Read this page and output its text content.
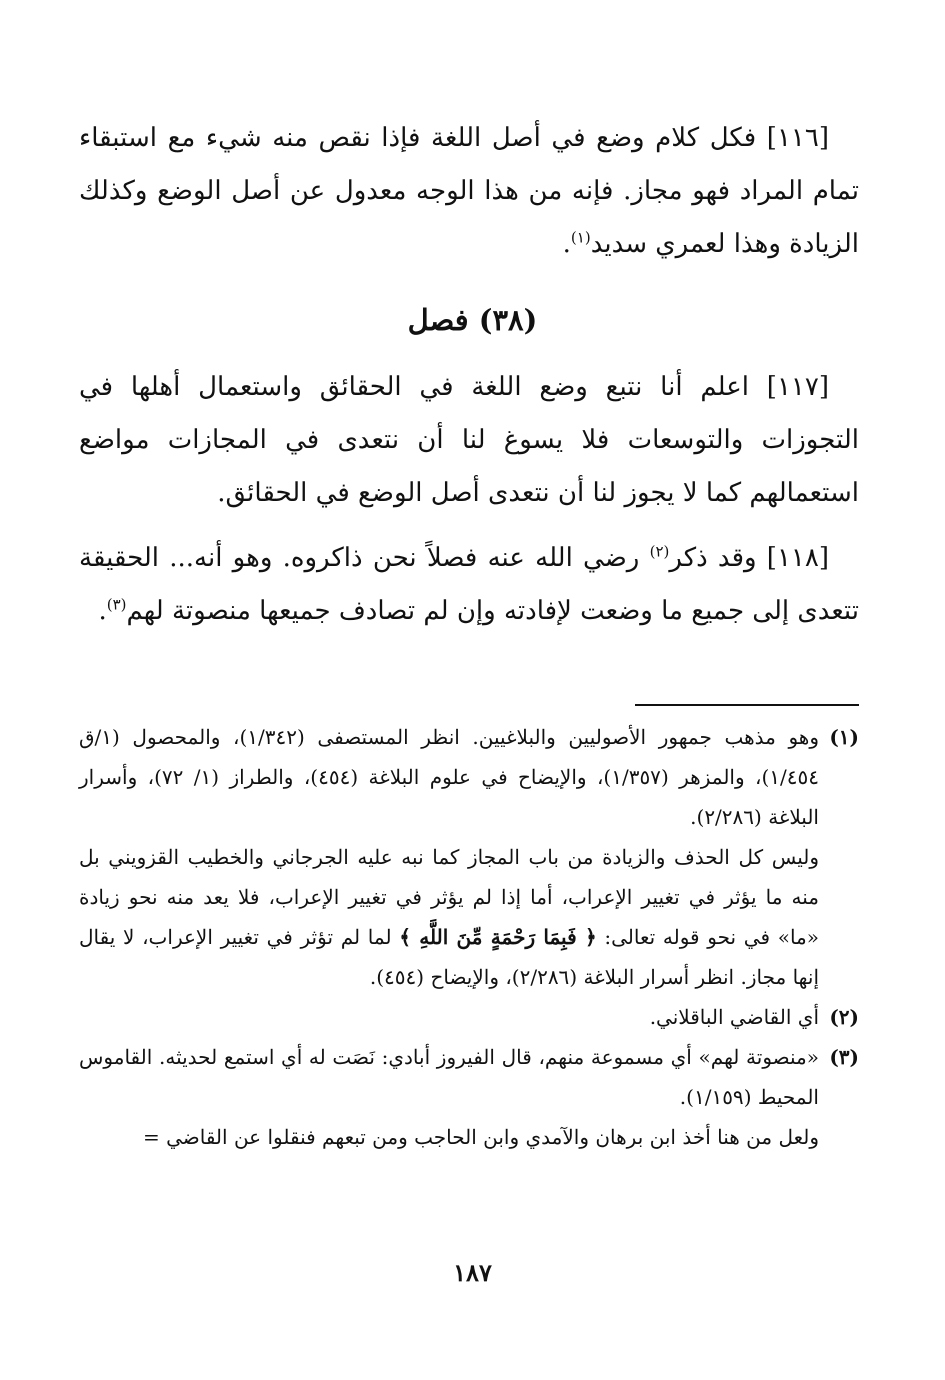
[١١٦] فكل كلام وضع في أصل اللغة فإذا نقص منه شيء مع استبقاء تمام المراد فهو مجاز. فإنه من هذا الوجه معدول عن أصل الوضع وكذلك الزيادة وهذا لعمري سديد$^{(١)}$.

(٣٨) فصل

[١١٧] اعلم أنا نتبع وضع اللغة في الحقائق واستعمال أهلها في التجوزات والتوسعات فلا يسوغ لنا أن نتعدى في المجازات مواضع استعمالهم كما لا يجوز لنا أن نتعدى أصل الوضع في الحقائق.

[١١٨] وقد ذكر$^{(٢)}$ رضي الله عنه فصلاً نحن ذاكروه. وهو أنه... الحقيقة تتعدى إلى جميع ما وضعت لإفادته وإن لم تصادف جميعها منصوتة لهم$^{(٣)}$.

(١)
وهو مذهب جمهور الأصوليين والبلاغيين. انظر المستصفى (١/٣٤٢)، والمحصول (١/ق ١/٤٥٤)، والمزهر (١/٣٥٧)، والإيضاح في علوم البلاغة (٤٥٤)، والطراز (١/ ٧٢)، وأسرار البلاغة (٢/٢٨٦).
وليس كل الحذف والزيادة من باب المجاز كما نبه عليه الجرجاني والخطيب القزويني بل منه ما يؤثر في تغيير الإعراب، أما إذا لم يؤثر في تغيير الإعراب، فلا يعد منه نحو زيادة «ما» في نحو قوله تعالى: ﴿ فَبِمَا رَحْمَةٍ مِّنَ اللَّهِ ﴾ لما لم تؤثر في تغيير الإعراب، لا يقال إنها مجاز. انظر أسرار البلاغة (٢/٢٨٦)، والإيضاح (٤٥٤).
(٢)
أي القاضي الباقلاني.
(٣)
«منصوتة لهم» أي مسموعة منهم، قال الفيروز أبادي: نَصَت له أي استمع لحديثه. القاموس المحيط (١/١٥٩).
ولعل من هنا أخذ ابن برهان والآمدي وابن الحاجب ومن تبعهم فنقلوا عن القاضي =
١٨٧
